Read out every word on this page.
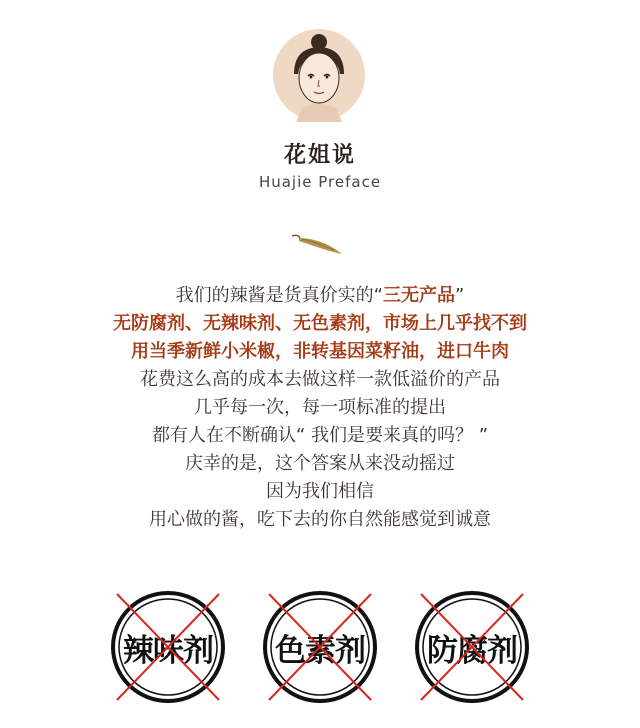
花姐说
Huajie Preface
我们的辣酱是货真价实的“三无产品”
无防腐剂、无辣味剂、无色素剂，市场上几乎找不到
用当季新鲜小米椒，非转基因菜籽油，进口牛肉
花费这么高的成本去做这样一款低溢价的产品
几乎每一次，每一项标准的提出
都有人在不断确认“ 我们是要来真的吗？ ”
庆幸的是，这个答案从来没动摇过
因为我们相信
用心做的酱，吃下去的你自然能感觉到诚意
辣味剂	色素剂	防腐剂
